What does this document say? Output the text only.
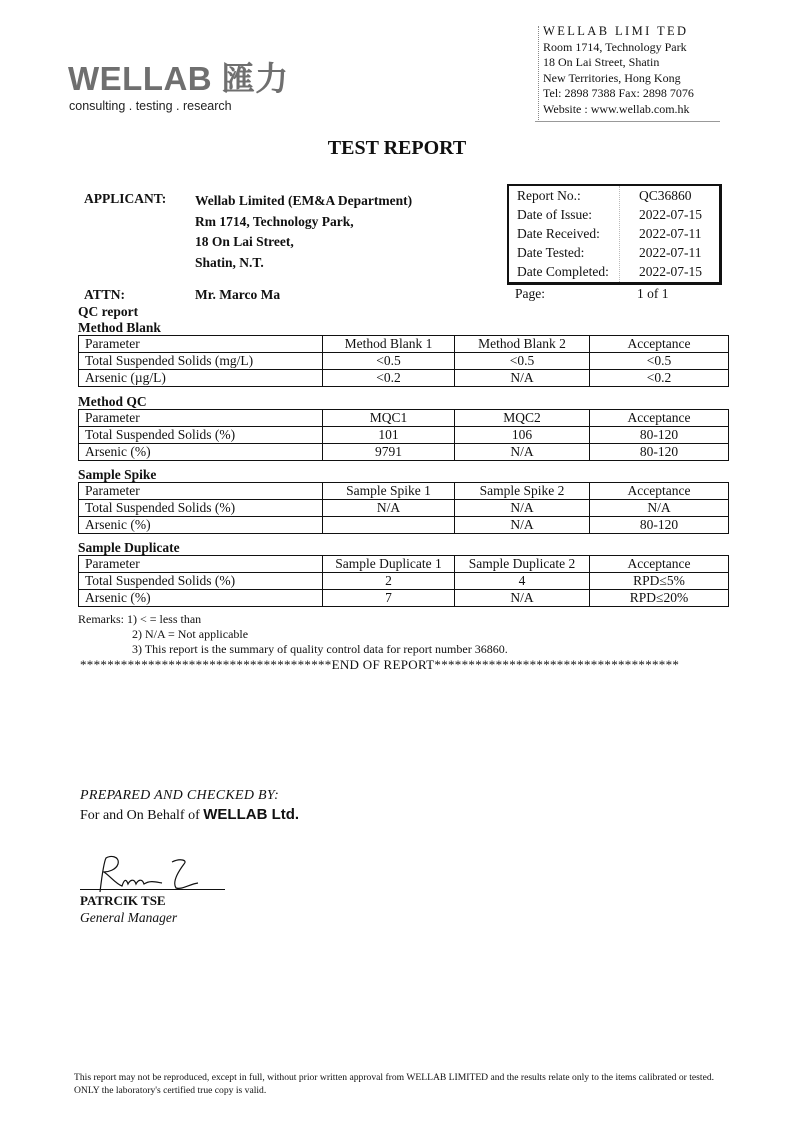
WELLAB 匯力
consulting . testing . research
WELLAB LIMI TED
Room 1714, Technology Park
18 On Lai Street, Shatin
New Territories, Hong Kong
Tel: 2898 7388 Fax: 2898 7076
Website : www.wellab.com.hk
TEST REPORT
APPLICANT: Wellab Limited (EM&A Department)
Rm 1714, Technology Park,
18 On Lai Street,
Shatin, N.T.
ATTN:	Mr. Marco Ma
Report No.:	QC36860
Date of Issue:	2022-07-15
Date Received:	2022-07-11
Date Tested:	2022-07-11
Date Completed: 2022-07-15
Page:	1 of 1
QC report
Method Blank
Parameter	Method Blank 1	Method Blank 2	Acceptance
Total Suspended Solids (mg/L)	<0.5	<0.5	<0.5
Arsenic (µg/L)	<0.2	N/A	<0.2
Method QC
Parameter	MQC1	MQC2	Acceptance
Total Suspended Solids (%)	101	106	80-120
Arsenic (%)	9791	N/A	80-120
Sample Spike
Parameter	Sample Spike 1	Sample Spike 2	Acceptance
Total Suspended Solids (%)	N/A	N/A	N/A
Arsenic (%)		N/A	80-120
Sample Duplicate
Parameter	Sample Duplicate 1	Sample Duplicate 2	Acceptance
Total Suspended Solids (%)	2	4	RPD≤5%
Arsenic (%)	7	N/A	RPD≤20%
Remarks: 1) < = less than
2) N/A = Not applicable
3) This report is the summary of quality control data for report number 36860.
*************************************END OF REPORT************************************
PREPARED AND CHECKED BY:
For and On Behalf of WELLAB Ltd.
PATRCIK TSE
General Manager
This report may not be reproduced, except in full, without prior written approval from WELLAB LIMITED and the results relate only to the items calibrated or tested. ONLY the laboratory's certified true copy is valid.
